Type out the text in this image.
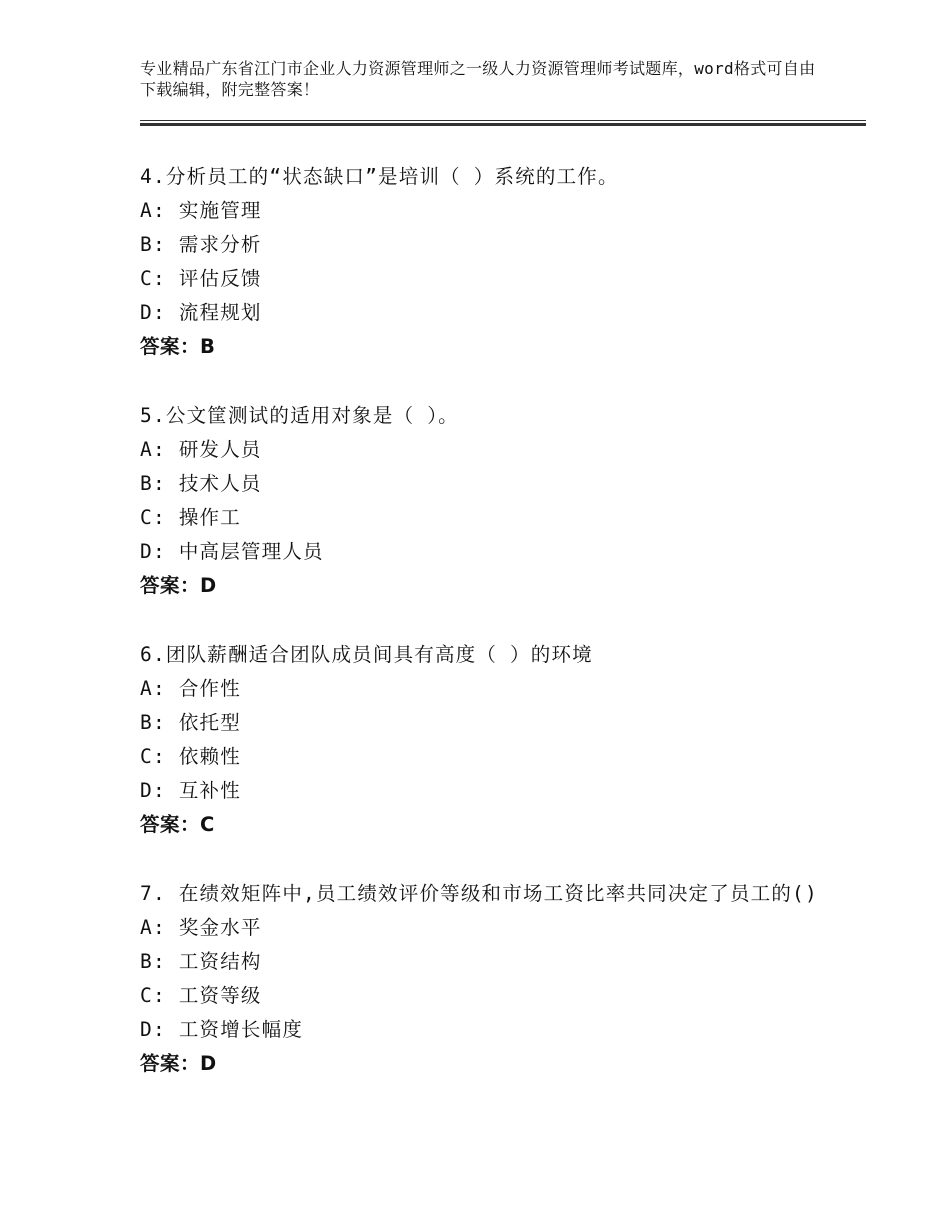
专业精品广东省江门市企业人力资源管理师之一级人力资源管理师考试题库，word格式可自由下载编辑，附完整答案！
4.分析员工的“状态缺口”是培训（ ）系统的工作。
A: 实施管理
B: 需求分析
C: 评估反馈
D: 流程规划
答案：B
5.公文筐测试的适用对象是（ ）。
A: 研发人员
B: 技术人员
C: 操作工
D: 中高层管理人员
答案：D
6.团队薪酬适合团队成员间具有高度（ ）的环境
A: 合作性
B: 依托型
C: 依赖性
D: 互补性
答案：C
7. 在绩效矩阵中,员工绩效评价等级和市场工资比率共同决定了员工的()
A: 奖金水平
B: 工资结构
C: 工资等级
D: 工资增长幅度
答案：D
